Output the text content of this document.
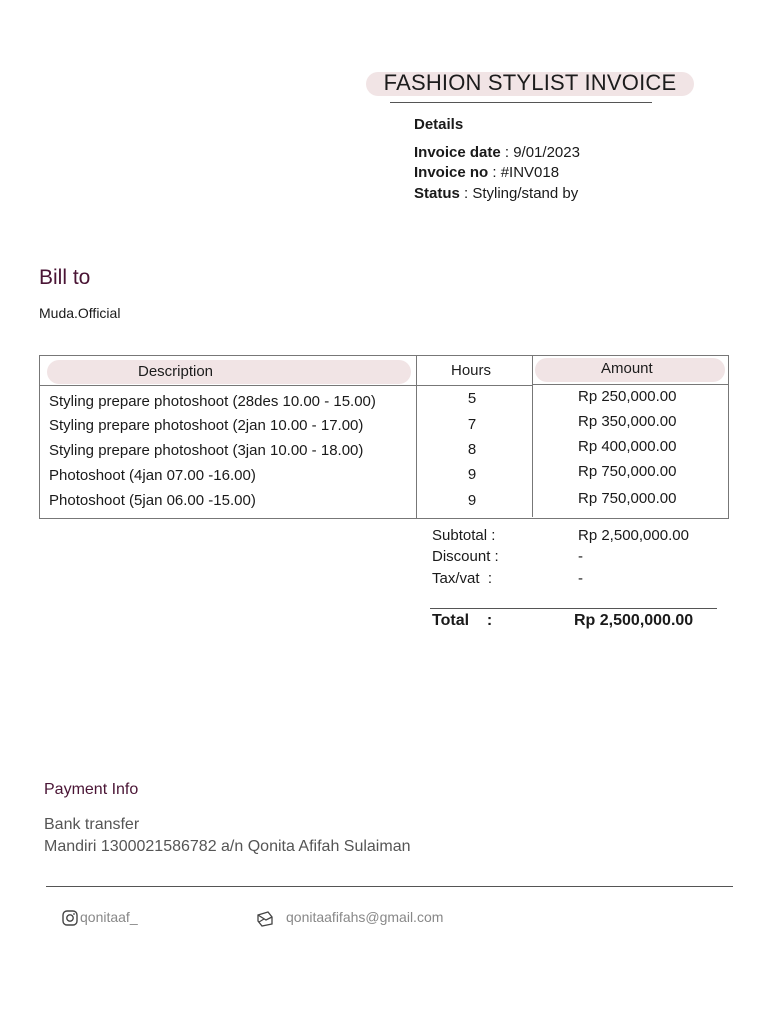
FASHION STYLIST INVOICE
Details
Invoice date : 9/01/2023
Invoice no : #INV018
Status : Styling/stand by
Bill to
Muda.Official
Description	Hours	Amount
Styling prepare photoshoot (28des 10.00 - 15.00)	5	Rp 250,000.00
Styling prepare photoshoot (2jan 10.00 - 17.00)	7	Rp 350,000.00
Styling prepare photoshoot (3jan 10.00 - 18.00)	8	Rp 400,000.00
Photoshoot (4jan 07.00 -16.00)	9	Rp 750,000.00
Photoshoot (5jan 06.00 -15.00)	9	Rp 750,000.00
Subtotal :	Rp 2,500,000.00
Discount :	-
Tax/vat  :	-
Total    :	Rp 2,500,000.00
Payment Info
Bank transfer
Mandiri 1300021586782 a/n Qonita Afifah Sulaiman
qonitaaf_	qonitaafifahs@gmail.com
